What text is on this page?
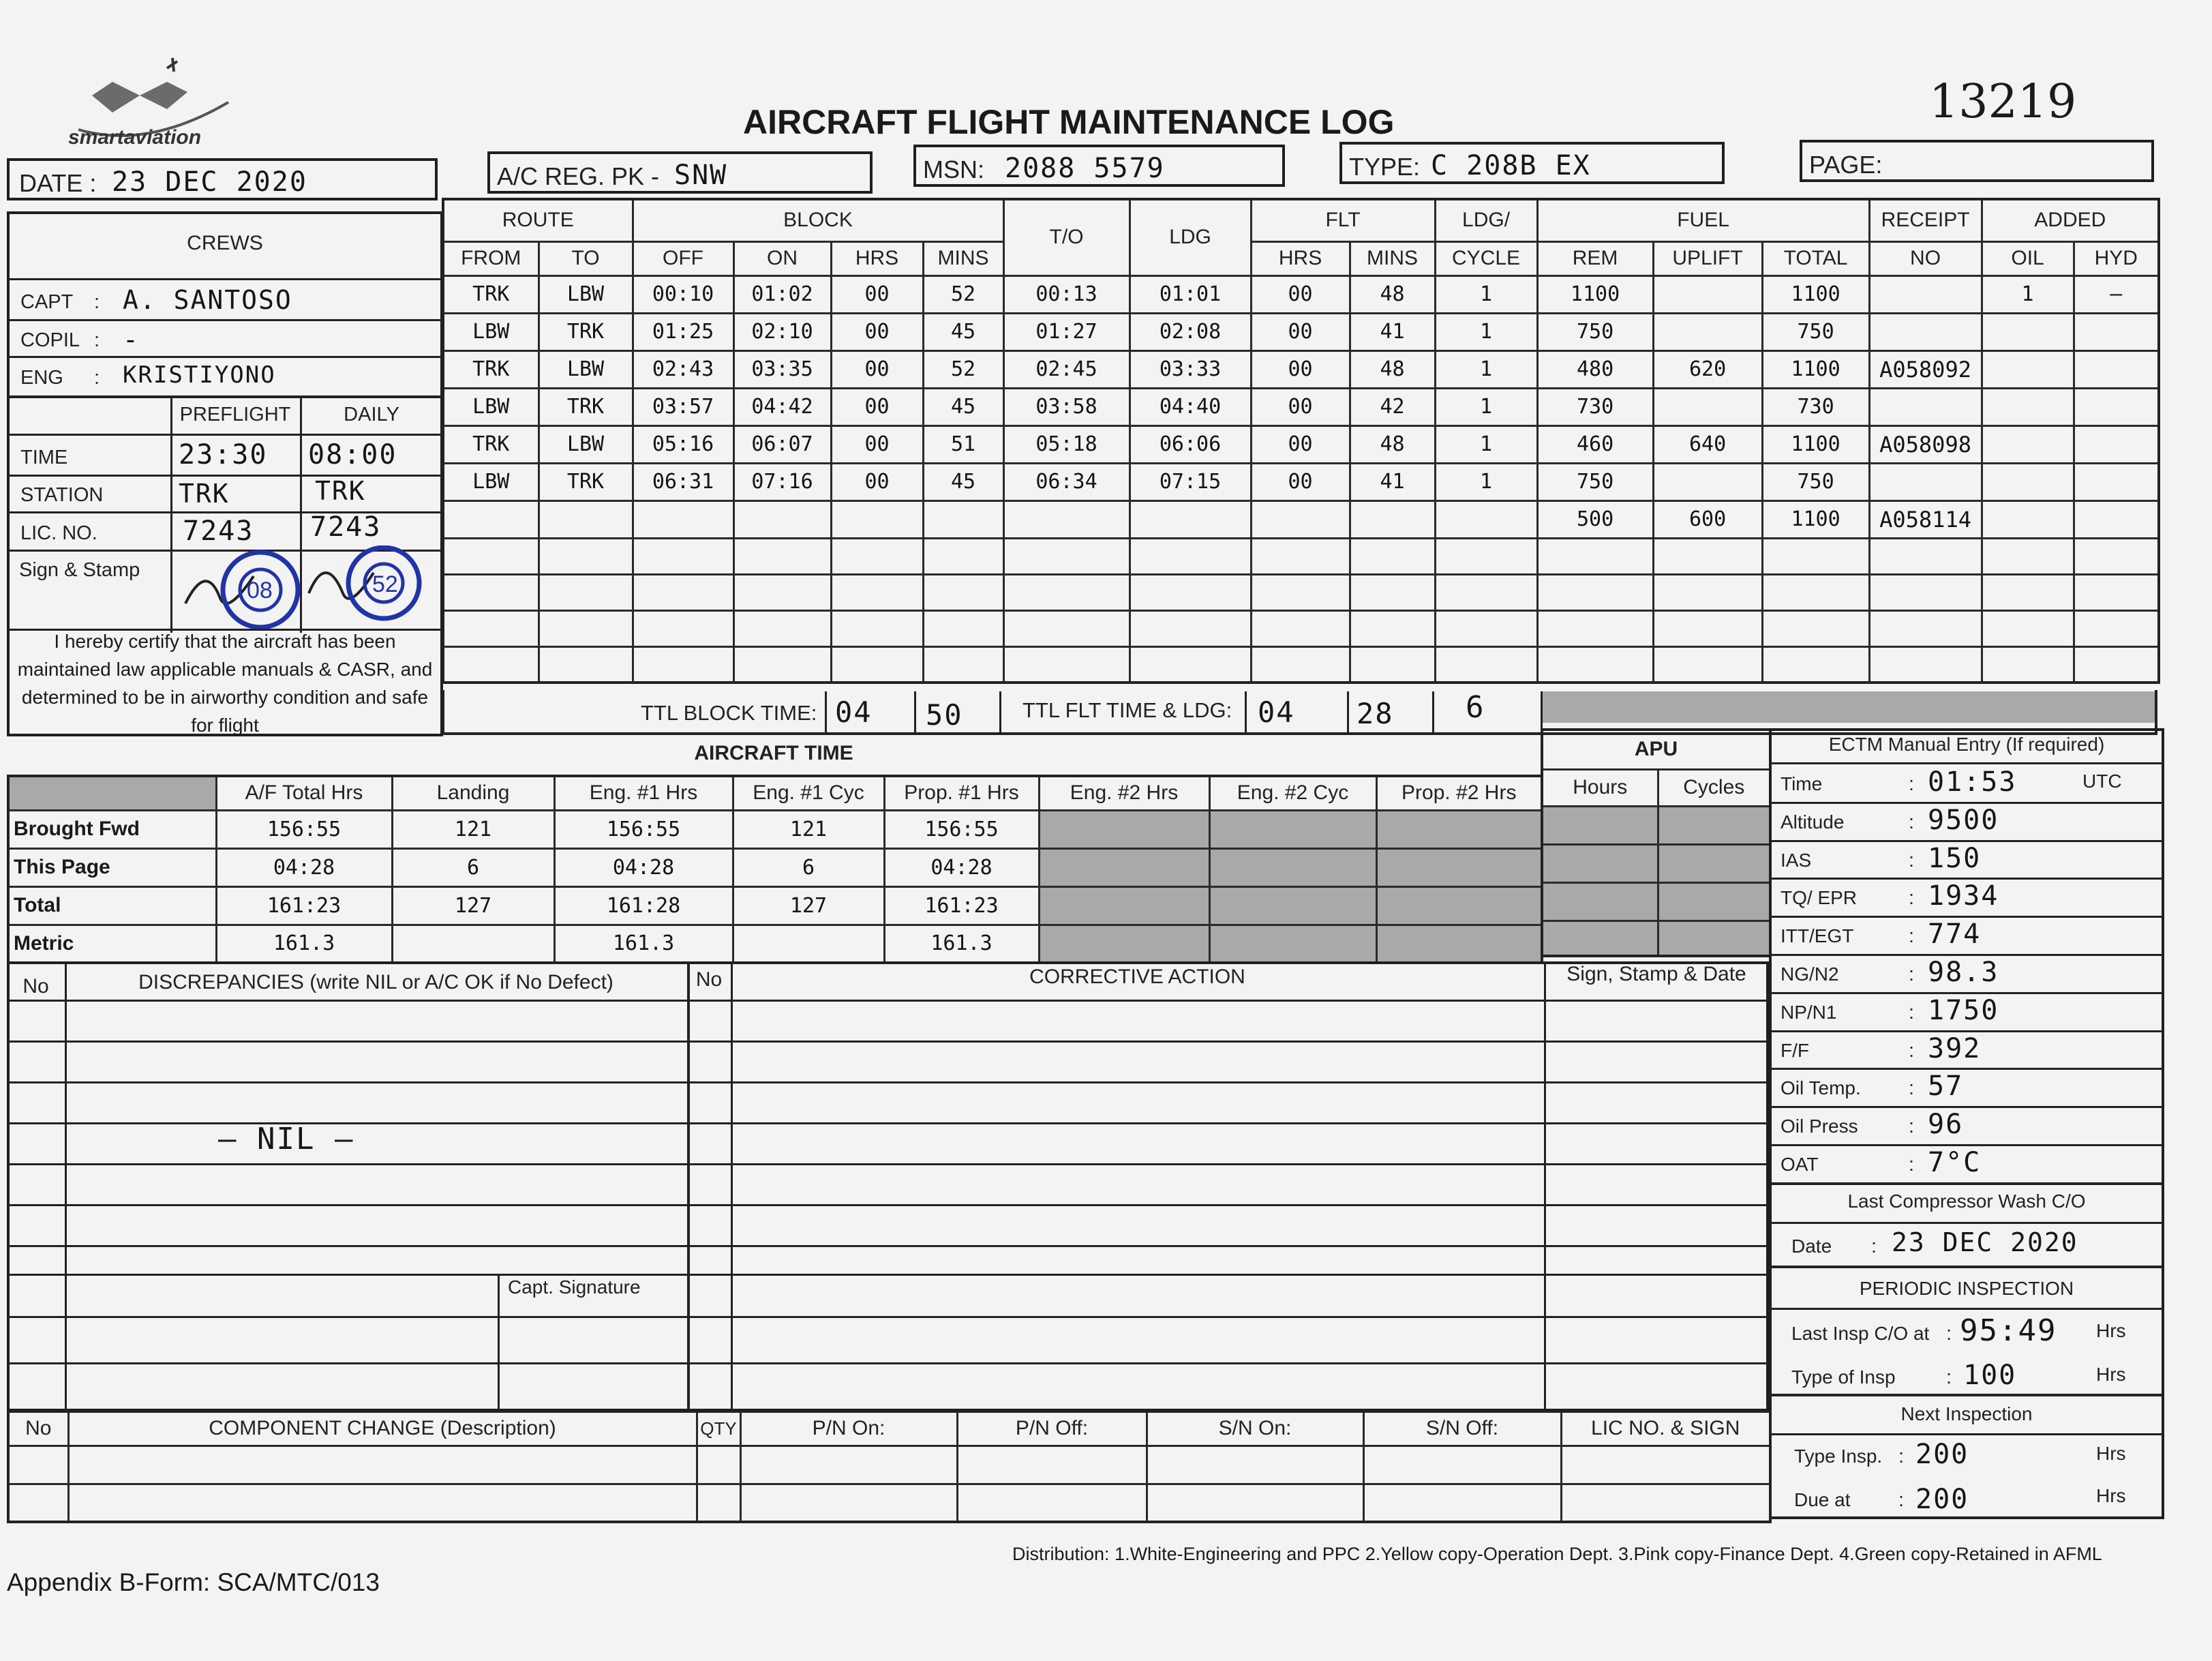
smartaviation	AIRCRAFT FLIGHT MAINTENANCE LOG	13219
DATE : 23 DEC 2020	A/C REG. PK - SNW	MSN: 2088 5579	TYPE: C 208B EX	PAGE:
CREWS
CAPT : A. SANTOSO
COPIL : -
ENG : KRISTIYONO
PREFLIGHT	DAILY
TIME	23:30 08:00
STATION	TRK	TRK
LIC. NO.	7243 7243
Sign & Stamp
08	52
I hereby certify that the aircraft has been maintained law applicable manuals & CASR, and determined to be in airworthy condition and safe for flight
ROUTE		BLOCK				T/O	LDG	FLT		LDG/	FUEL			RECEIPT	ADDED	
FROM	TO	OFF	ON	HRS	MINS			HRS	MINS	CYCLE	REM	UPLIFT	TOTAL	NO	OIL	HYD
TRK	LBW	00:10	01:02	00	52	00:13	01:01	00	48	1	1100		1100		1	—
LBW	TRK	01:25	02:10	00	45	01:27	02:08	00	41	1	750		750			
TRK	LBW	02:43	03:35	00	52	02:45	03:33	00	48	1	480	620	1100	A058092		
LBW	TRK	03:57	04:42	00	45	03:58	04:40	00	42	1	730		730			
TRK	LBW	05:16	06:07	00	51	05:18	06:06	00	48	1	460	640	1100	A058098		
LBW	TRK	06:31	07:16	00	45	06:34	07:15	00	41	1	750		750			
											500	600	1100	A058114		

TTL BLOCK TIME: 04 50	TTL FLT TIME & LDG: 04 28 6
AIRCRAFT TIME
	A/F Total Hrs	Landing	Eng. #1 Hrs	Eng. #1 Cyc	Prop. #1 Hrs	Eng. #2 Hrs	Eng. #2 Cyc	Prop. #2 Hrs
Brought Fwd	156:55	121	156:55	121	156:55			
This Page	04:28	6	04:28	6	04:28			
Total	161:23	127	161:28	127	161:23			
Metric	161.3		161.3		161.3			
APU	
Hours	Cycles

ECTM Manual Entry (If required)
Time	: 01:53	UTC
Altitude	: 9500
IAS	: 150
TQ/ EPR	: 1934
ITT/EGT	: 774
NG/N2	: 98.3
NP/N1	: 1750
F/F	: 392
Oil Temp. : 57
Oil Press	: 96
OAT	: 7°C
Last Compressor Wash C/O
Date : 23 DEC 2020
PERIODIC INSPECTION
Last Insp C/O at : 95:49 Hrs
Type of Insp	: 100	Hrs
Next Inspection
Type Insp. : 200	Hrs
Due at : 200	Hrs
No	DISCREPANCIES (write NIL or A/C OK if No Defect)	No	CORRECTIVE ACTION	Sign, Stamp & Date
— NIL —
Capt. Signature
No	COMPONENT CHANGE (Description)	QTY	P/N On:	P/N Off:	S/N On:	S/N Off:	LIC NO. & SIGN

Appendix B-Form: SCA/MTC/013
Distribution: 1.White-Engineering and PPC 2.Yellow copy-Operation Dept. 3.Pink copy-Finance Dept. 4.Green copy-Retained in AFML
